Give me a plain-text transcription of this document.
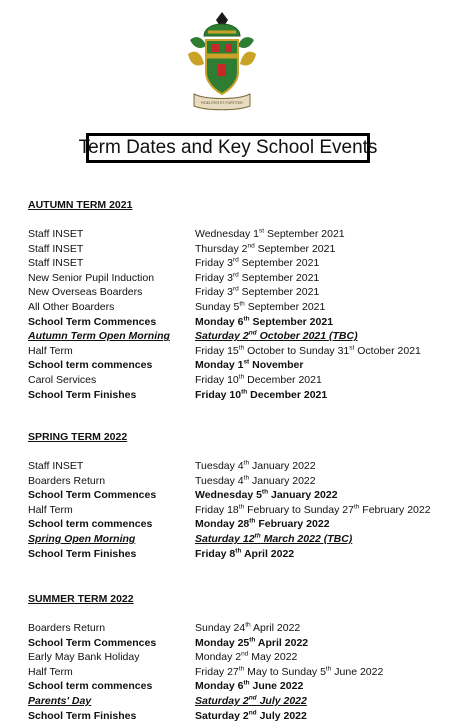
FIDELITER ET FORTITER
Term Dates and Key School Events
AUTUMN TERM 2021
Staff INSET	Wednesday 1st September 2021
Staff INSET	Thursday 2nd September 2021
Staff INSET	Friday 3rd September 2021
New Senior Pupil Induction	Friday 3rd September 2021
New Overseas Boarders	Friday 3rd September 2021
All Other Boarders	Sunday 5th September 2021
School Term Commences	Monday 6th September 2021
Autumn Term Open Morning Saturday 2nd October 2021 (TBC)
Half Term	Friday 15th October to Sunday 31st October 2021
School term commences	Monday 1st November
Carol Services	Friday 10th December 2021
School Term Finishes	Friday 10th December 2021
SPRING TERM 2022
Staff INSET	Tuesday 4th January 2022
Boarders Return	Tuesday 4th January 2022
School Term Commences	Wednesday 5th January 2022
Half Term	Friday 18th February to Sunday 27th February 2022
School term commences	Monday 28th February 2022
Spring Open Morning	Saturday 12th March 2022 (TBC)
School Term Finishes	Friday 8th April 2022
SUMMER TERM 2022
Boarders Return	Sunday 24th April 2022
School Term Commences	Monday 25th April 2022
Early May Bank Holiday	Monday 2nd May 2022
Half Term	Friday 27th May to Sunday 5th June 2022
School term commences	Monday 6th June 2022
Parents' Day	Saturday 2nd July 2022
School Term Finishes	Saturday 2nd July 2022
